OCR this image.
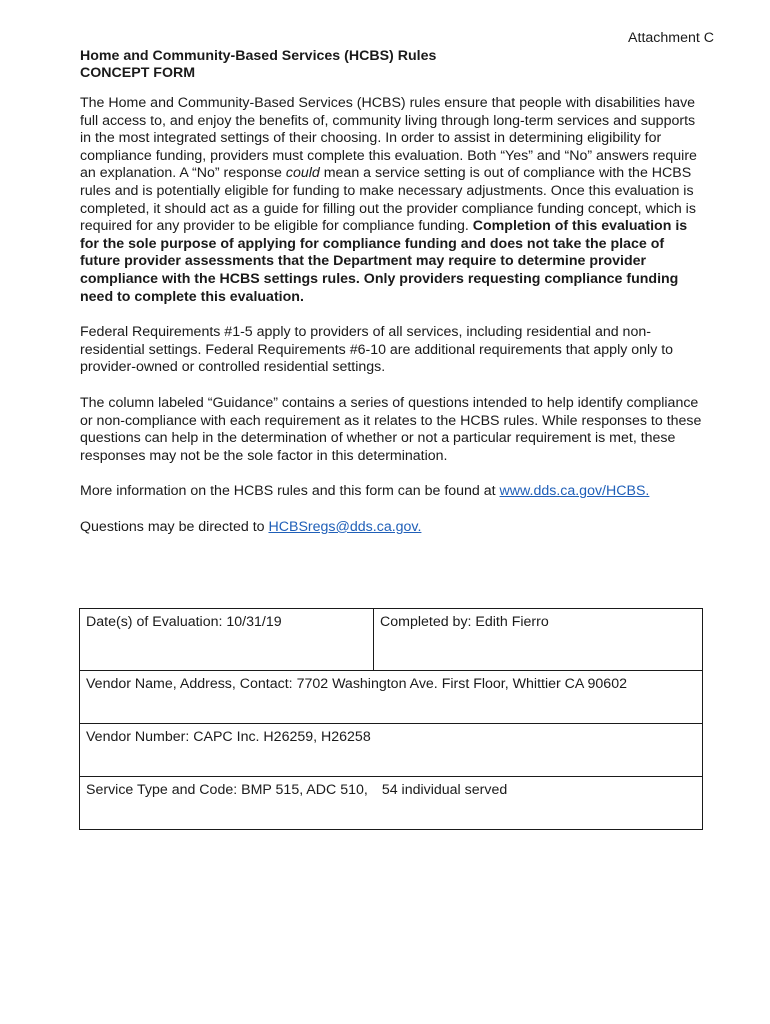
Attachment C
Home and Community-Based Services (HCBS) Rules
CONCEPT FORM

The Home and Community-Based Services (HCBS) rules ensure that people with disabilities have full access to, and enjoy the benefits of, community living through long-term services and supports in the most integrated settings of their choosing. In order to assist in determining eligibility for compliance funding, providers must complete this evaluation. Both “Yes” and “No” answers require an explanation. A “No” response could mean a service setting is out of compliance with the HCBS rules and is potentially eligible for funding to make necessary adjustments. Once this evaluation is completed, it should act as a guide for filling out the provider compliance funding concept, which is required for any provider to be eligible for compliance funding. Completion of this evaluation is for the sole purpose of applying for compliance funding and does not take the place of future provider assessments that the Department may require to determine provider compliance with the HCBS settings rules. Only providers requesting compliance funding need to complete this evaluation.

Federal Requirements #1-5 apply to providers of all services, including residential and non-residential settings. Federal Requirements #6-10 are additional requirements that apply only to provider-owned or controlled residential settings.

The column labeled “Guidance” contains a series of questions intended to help identify compliance or non-compliance with each requirement as it relates to the HCBS rules. While responses to these questions can help in the determination of whether or not a particular requirement is met, these responses may not be the sole factor in this determination.

More information on the HCBS rules and this form can be found at www.dds.ca.gov/HCBS.

Questions may be directed to HCBSregs@dds.ca.gov.

Date(s) of Evaluation: 10/31/19	Completed by: Edith Fierro
Vendor Name, Address, Contact: 7702 Washington Ave. First Floor, Whittier CA 90602
Vendor Number: CAPC Inc. H26259, H26258
Service Type and Code: BMP 515, ADC 510, 54 individual served
